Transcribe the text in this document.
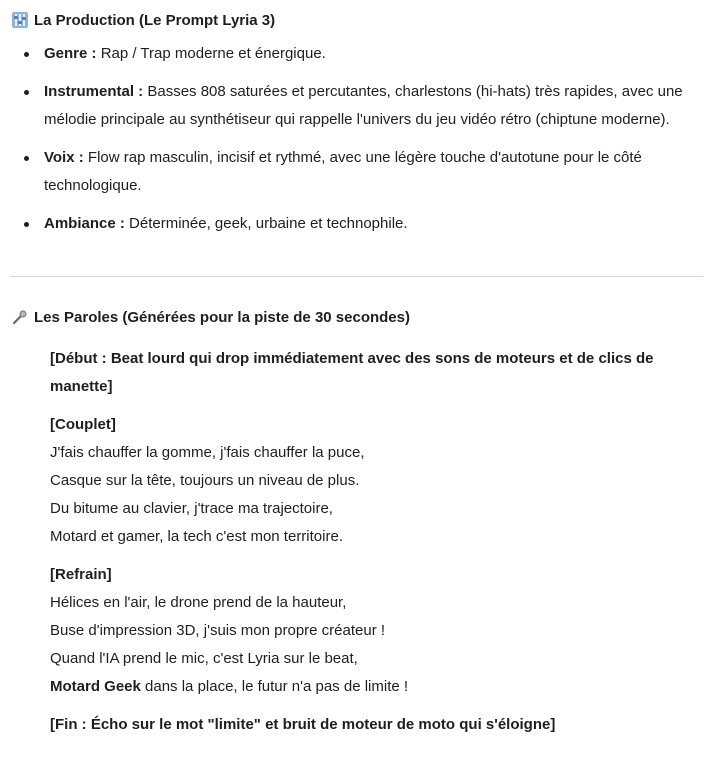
La Production (Le Prompt Lyria 3)
Genre : Rap / Trap moderne et énergique.
Instrumental : Basses 808 saturées et percutantes, charlestons (hi-hats) très rapides, avec une mélodie principale au synthétiseur qui rappelle l'univers du jeu vidéo rétro (chiptune moderne).
Voix : Flow rap masculin, incisif et rythmé, avec une légère touche d'autotune pour le côté technologique.
Ambiance : Déterminée, geek, urbaine et technophile.
Les Paroles (Générées pour la piste de 30 secondes)
[Début : Beat lourd qui drop immédiatement avec des sons de moteurs et de clics de manette]
[Couplet]
J'fais chauffer la gomme, j'fais chauffer la puce,
Casque sur la tête, toujours un niveau de plus.
Du bitume au clavier, j'trace ma trajectoire,
Motard et gamer, la tech c'est mon territoire.
[Refrain]
Hélices en l'air, le drone prend de la hauteur,
Buse d'impression 3D, j'suis mon propre créateur !
Quand l'IA prend le mic, c'est Lyria sur le beat,
Motard Geek dans la place, le futur n'a pas de limite !
[Fin : Écho sur le mot "limite" et bruit de moteur de moto qui s'éloigne]
